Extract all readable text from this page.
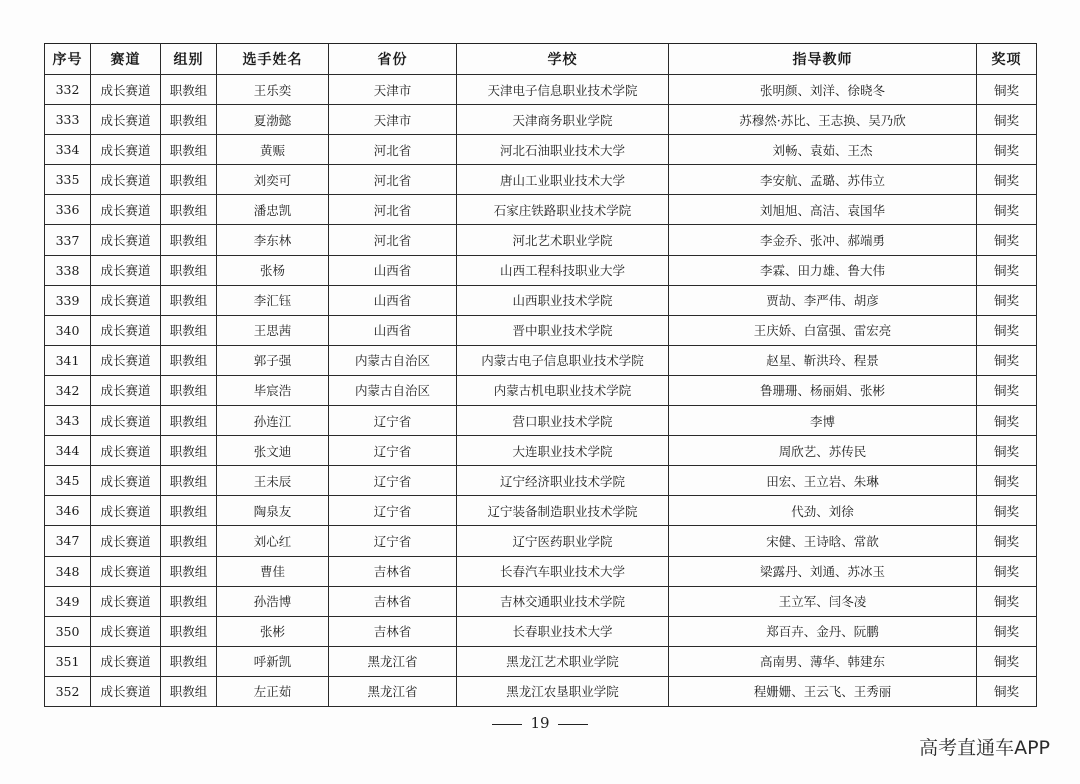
序号	赛道	组别	选手姓名	省份	学校	指导教师	奖项
332	成长赛道	职教组	王乐奕	天津市	天津电子信息职业技术学院	张明颜、刘洋、徐晓冬	铜奖
333	成长赛道	职教组	夏渤懿	天津市	天津商务职业学院	苏穆然·苏比、王志换、吴乃欣	铜奖
334	成长赛道	职教组	黄赈	河北省	河北石油职业技术大学	刘畅、袁茹、王杰	铜奖
335	成长赛道	职教组	刘奕可	河北省	唐山工业职业技术大学	李安航、孟璐、苏伟立	铜奖
336	成长赛道	职教组	潘忠凯	河北省	石家庄铁路职业技术学院	刘旭旭、高洁、袁国华	铜奖
337	成长赛道	职教组	李东林	河北省	河北艺术职业学院	李金乔、张冲、郝端勇	铜奖
338	成长赛道	职教组	张杨	山西省	山西工程科技职业大学	李霖、田力雄、鲁大伟	铜奖
339	成长赛道	职教组	李汇钰	山西省	山西职业技术学院	贾劼、李严伟、胡彦	铜奖
340	成长赛道	职教组	王思茜	山西省	晋中职业技术学院	王庆娇、白富强、雷宏亮	铜奖
341	成长赛道	职教组	郭子强	内蒙古自治区	内蒙古电子信息职业技术学院	赵星、靳洪玲、程景	铜奖
342	成长赛道	职教组	毕宸浩	内蒙古自治区	内蒙古机电职业技术学院	鲁珊珊、杨丽娟、张彬	铜奖
343	成长赛道	职教组	孙连江	辽宁省	营口职业技术学院	李博	铜奖
344	成长赛道	职教组	张文迪	辽宁省	大连职业技术学院	周欣艺、苏传民	铜奖
345	成长赛道	职教组	王未辰	辽宁省	辽宁经济职业技术学院	田宏、王立岩、朱琳	铜奖
346	成长赛道	职教组	陶泉友	辽宁省	辽宁装备制造职业技术学院	代劲、刘徐	铜奖
347	成长赛道	职教组	刘心红	辽宁省	辽宁医药职业学院	宋健、王诗晗、常歆	铜奖
348	成长赛道	职教组	曹佳	吉林省	长春汽车职业技术大学	梁露丹、刘通、苏冰玉	铜奖
349	成长赛道	职教组	孙浩博	吉林省	吉林交通职业技术学院	王立军、闫冬凌	铜奖
350	成长赛道	职教组	张彬	吉林省	长春职业技术大学	郑百卉、金丹、阮鹏	铜奖
351	成长赛道	职教组	呼新凯	黑龙江省	黑龙江艺术职业学院	高南男、薄华、韩建东	铜奖
352	成长赛道	职教组	左正茹	黑龙江省	黑龙江农垦职业学院	程姗姗、王云飞、王秀丽	铜奖
19
高考直通车APP
